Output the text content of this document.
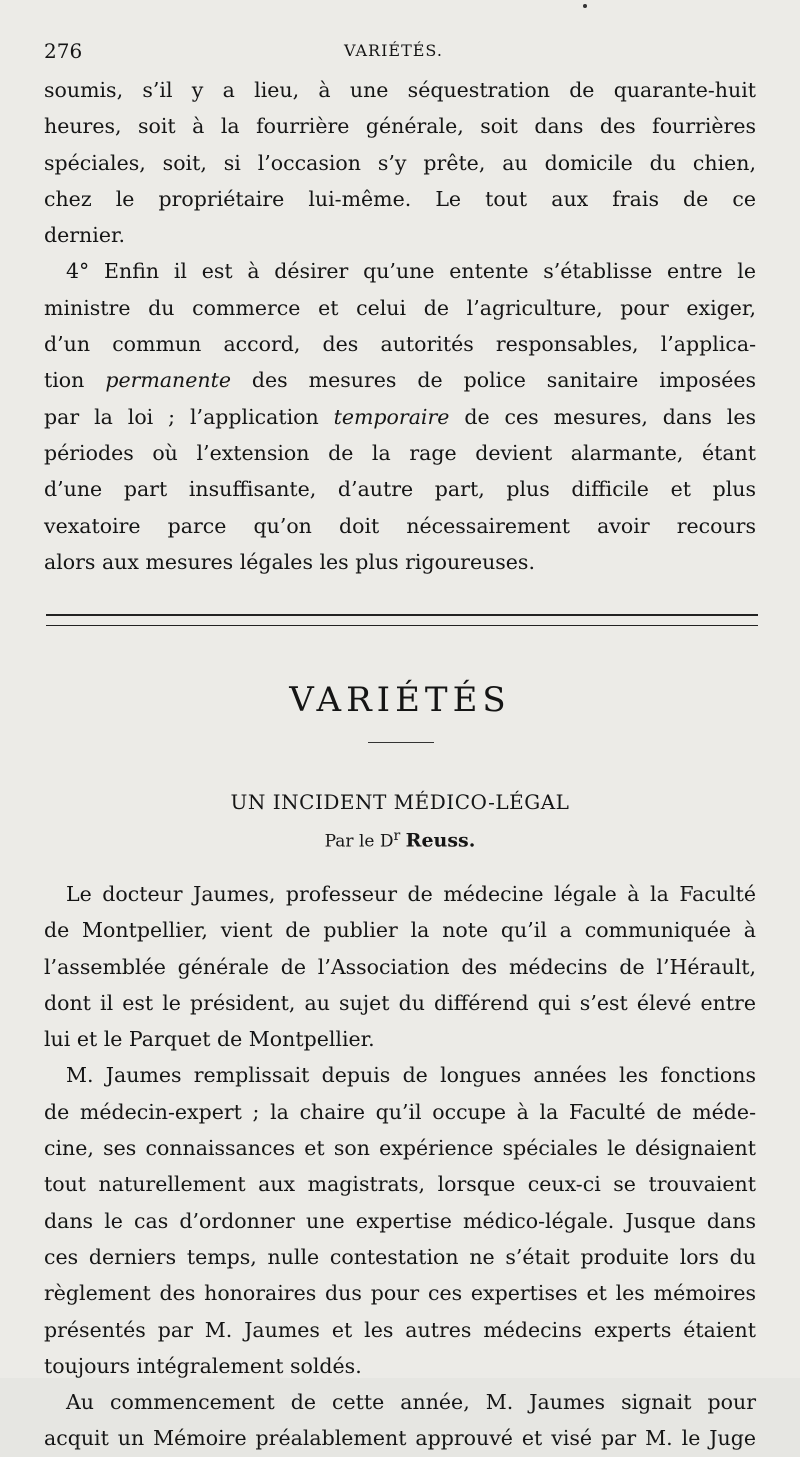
276	VARIÉTÉS.

soumis, s’il y a lieu, à une séquestration de quarante-huit
heures, soit à la fourrière générale, soit dans des fourrières
spéciales, soit, si l’occasion s’y prête, au domicile du chien,
chez le propriétaire lui-même. Le tout aux frais de ce
dernier.

4° Enfin il est à désirer qu’une entente s’établisse entre le
ministre du commerce et celui de l’agriculture, pour exiger,
d’un commun accord, des autorités responsables, l’applica-
tion permanente des mesures de police sanitaire imposées
par la loi ; l’application temporaire de ces mesures, dans les
périodes où l’extension de la rage devient alarmante, étant
d’une part insuffisante, d’autre part, plus difficile et plus
vexatoire parce qu’on doit nécessairement avoir recours
alors aux mesures légales les plus rigoureuses.

VARIÉTÉS
UN INCIDENT MÉDICO-LÉGAL
Par le $D^r$ Reuss.

Le docteur Jaumes, professeur de médecine légale à la Faculté
de Montpellier, vient de publier la note qu’il a communiquée à
l’assemblée générale de l’Association des médecins de l’Hérault,
dont il est le président, au sujet du différend qui s’est élevé entre
lui et le Parquet de Montpellier.

M. Jaumes remplissait depuis de longues années les fonctions
de médecin-expert ; la chaire qu’il occupe à la Faculté de méde-
cine, ses connaissances et son expérience spéciales le désignaient
tout naturellement aux magistrats, lorsque ceux-ci se trouvaient
dans le cas d’ordonner une expertise médico-légale. Jusque dans
ces derniers temps, nulle contestation ne s’était produite lors du
règlement des honoraires dus pour ces expertises et les mémoires
présentés par M. Jaumes et les autres médecins experts étaient
toujours intégralement soldés.

Au commencement de cette année, M. Jaumes signait pour
acquit un Mémoire préalablement approuvé et visé par M. le Juge
